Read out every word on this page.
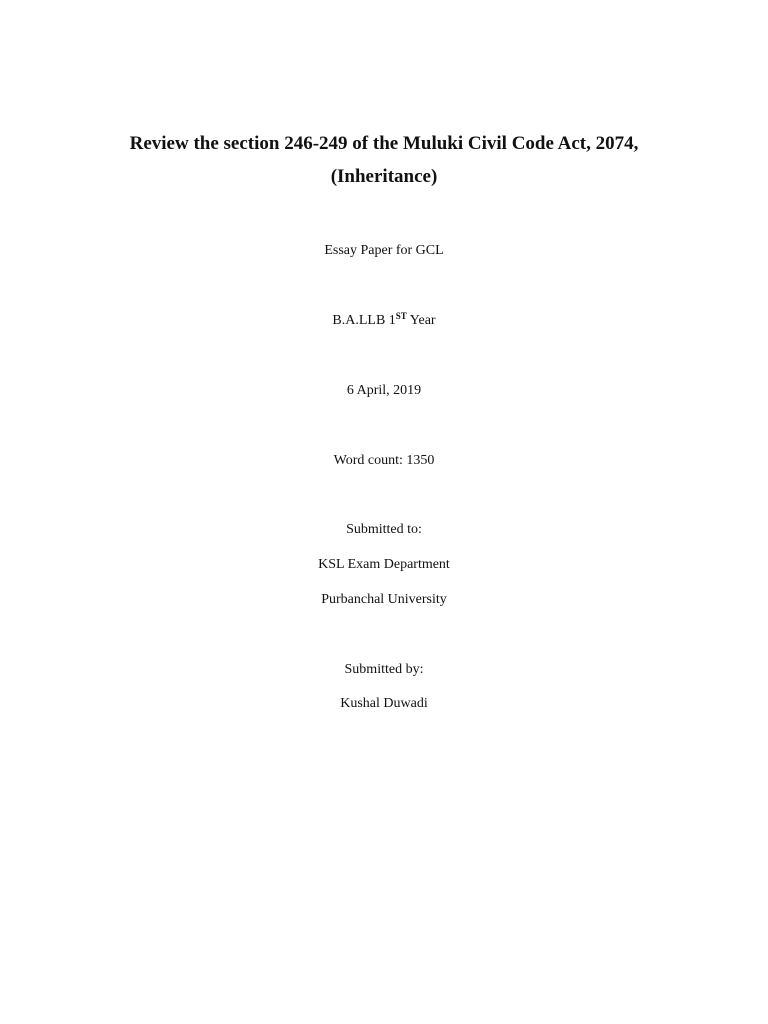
Review the section 246-249 of the Muluki Civil Code Act, 2074,
(Inheritance)
Essay Paper for GCL
B.A.LLB 1ST Year
6 April, 2019
Word count: 1350
Submitted to:
KSL Exam Department
Purbanchal University
Submitted by:
Kushal Duwadi
